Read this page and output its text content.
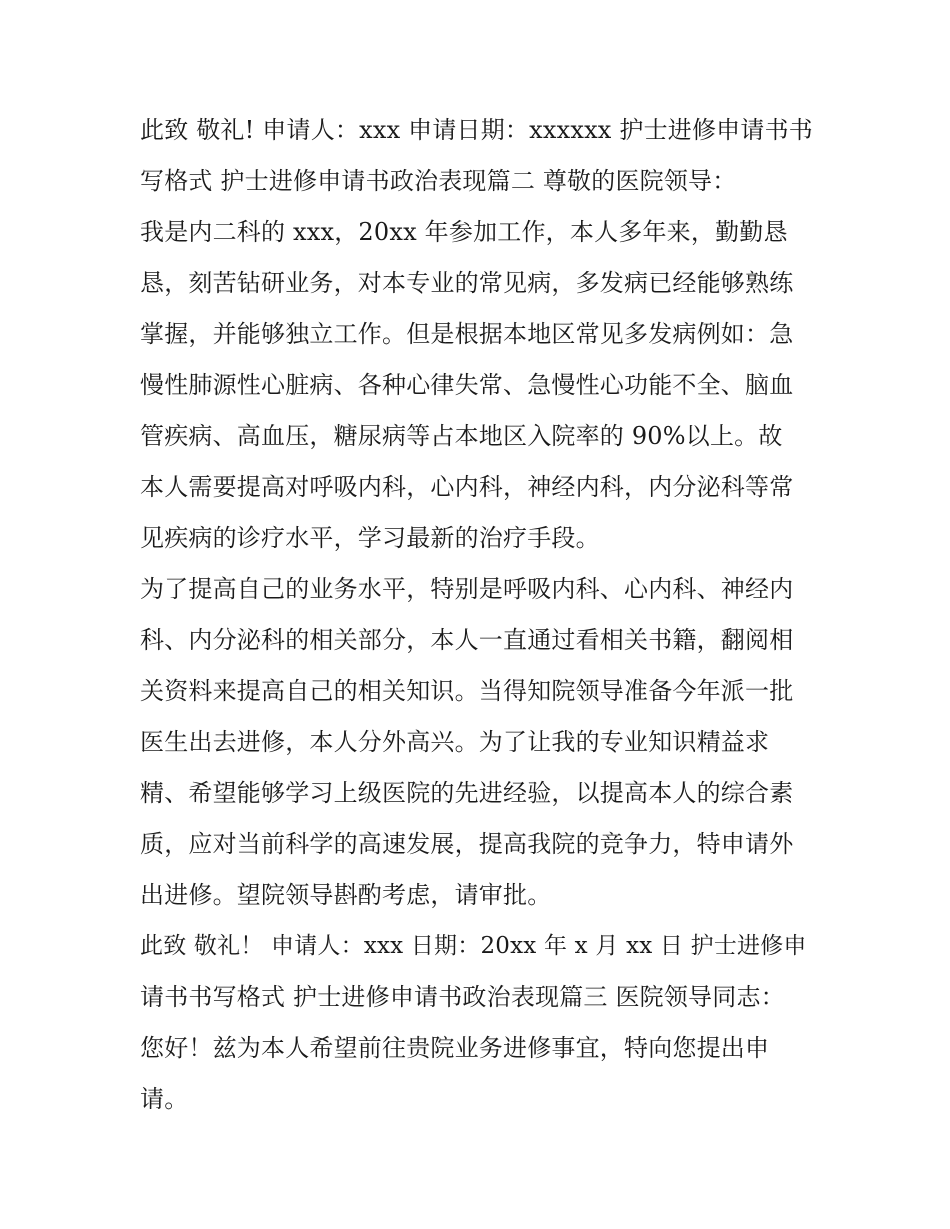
此致 敬礼! 申请人：xxx 申请日期：xxxxxx 护士进修申请书书
写格式 护士进修申请书政治表现篇二 尊敬的医院领导：
我是内二科的 xxx，20xx 年参加工作，本人多年来，勤勤恳
恳，刻苦钻研业务，对本专业的常见病，多发病已经能够熟练
掌握，并能够独立工作。但是根据本地区常见多发病例如：急
慢性肺源性心脏病、各种心律失常、急慢性心功能不全、脑血
管疾病、高血压，糖尿病等占本地区入院率的 90%以上。故
本人需要提高对呼吸内科，心内科，神经内科，内分泌科等常
见疾病的诊疗水平，学习最新的治疗手段。
为了提高自己的业务水平，特别是呼吸内科、心内科、神经内
科、内分泌科的相关部分，本人一直通过看相关书籍，翻阅相
关资料来提高自己的相关知识。当得知院领导准备今年派一批
医生出去进修，本人分外高兴。为了让我的专业知识精益求
精、希望能够学习上级医院的先进经验，以提高本人的综合素
质，应对当前科学的高速发展，提高我院的竞争力，特申请外
出进修。望院领导斟酌考虑，请审批。
此致 敬礼！ 申请人：xxx 日期：20xx 年 x 月 xx 日 护士进修申
请书书写格式 护士进修申请书政治表现篇三 医院领导同志：
您好！兹为本人希望前往贵院业务进修事宜，特向您提出申
请。
